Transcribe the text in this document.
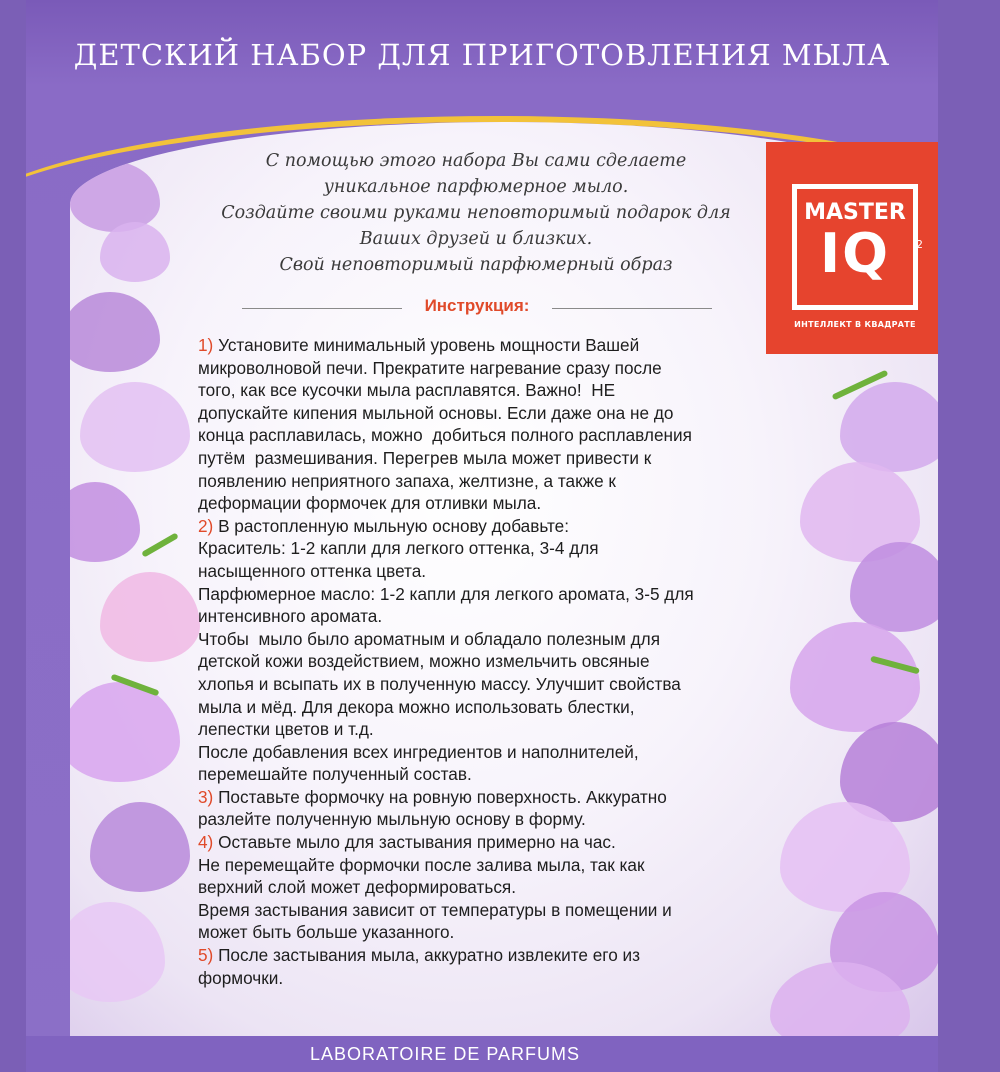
ДЕТСКИЙ НАБОР ДЛЯ ПРИГОТОВЛЕНИЯ МЫЛА
MASTER
IQ	2
ИНТЕЛЛЕКТ В КВАДРАТЕ
С помощью этого набора Вы сами сделаете
уникальное парфюмерное мыло.
Создайте своими руками неповторимый подарок для
Ваших друзей и близких.
Свой неповторимый парфюмерный образ
Инструкция:
1) Установите минимальный уровень мощности Вашей
микроволновой печи. Прекратите нагревание сразу после
того, как все кусочки мыла расплавятся. Важно!  НЕ
допускайте кипения мыльной основы. Если даже она не до
конца расплавилась, можно  добиться полного расплавления
путём  размешивания. Перегрев мыла может привести к
появлению неприятного запаха, желтизне, а также к
деформации формочек для отливки мыла.
2) В растопленную мыльную основу добавьте:
Краситель: 1-2 капли для легкого оттенка, 3-4 для
насыщенного оттенка цвета.
Парфюмерное масло: 1-2 капли для легкого аромата, 3-5 для
интенсивного аромата.
Чтобы  мыло было ароматным и обладало полезным для
детской кожи воздействием, можно измельчить овсяные
хлопья и всыпать их в полученную массу. Улучшит свойства
мыла и мёд. Для декора можно использовать блестки,
лепестки цветов и т.д.
После добавления всех ингредиентов и наполнителей,
перемешайте полученный состав.
3) Поставьте формочку на ровную поверхность. Аккуратно
разлейте полученную мыльную основу в форму.
4) Оставьте мыло для застывания примерно на час.
Не перемещайте формочки после залива мыла, так как
верхний слой может деформироваться.
Время застывания зависит от температуры в помещении и
может быть больше указанного.
5) После застывания мыла, аккуратно извлеките его из
формочки.
LABORATOIRE DE PARFUMS
